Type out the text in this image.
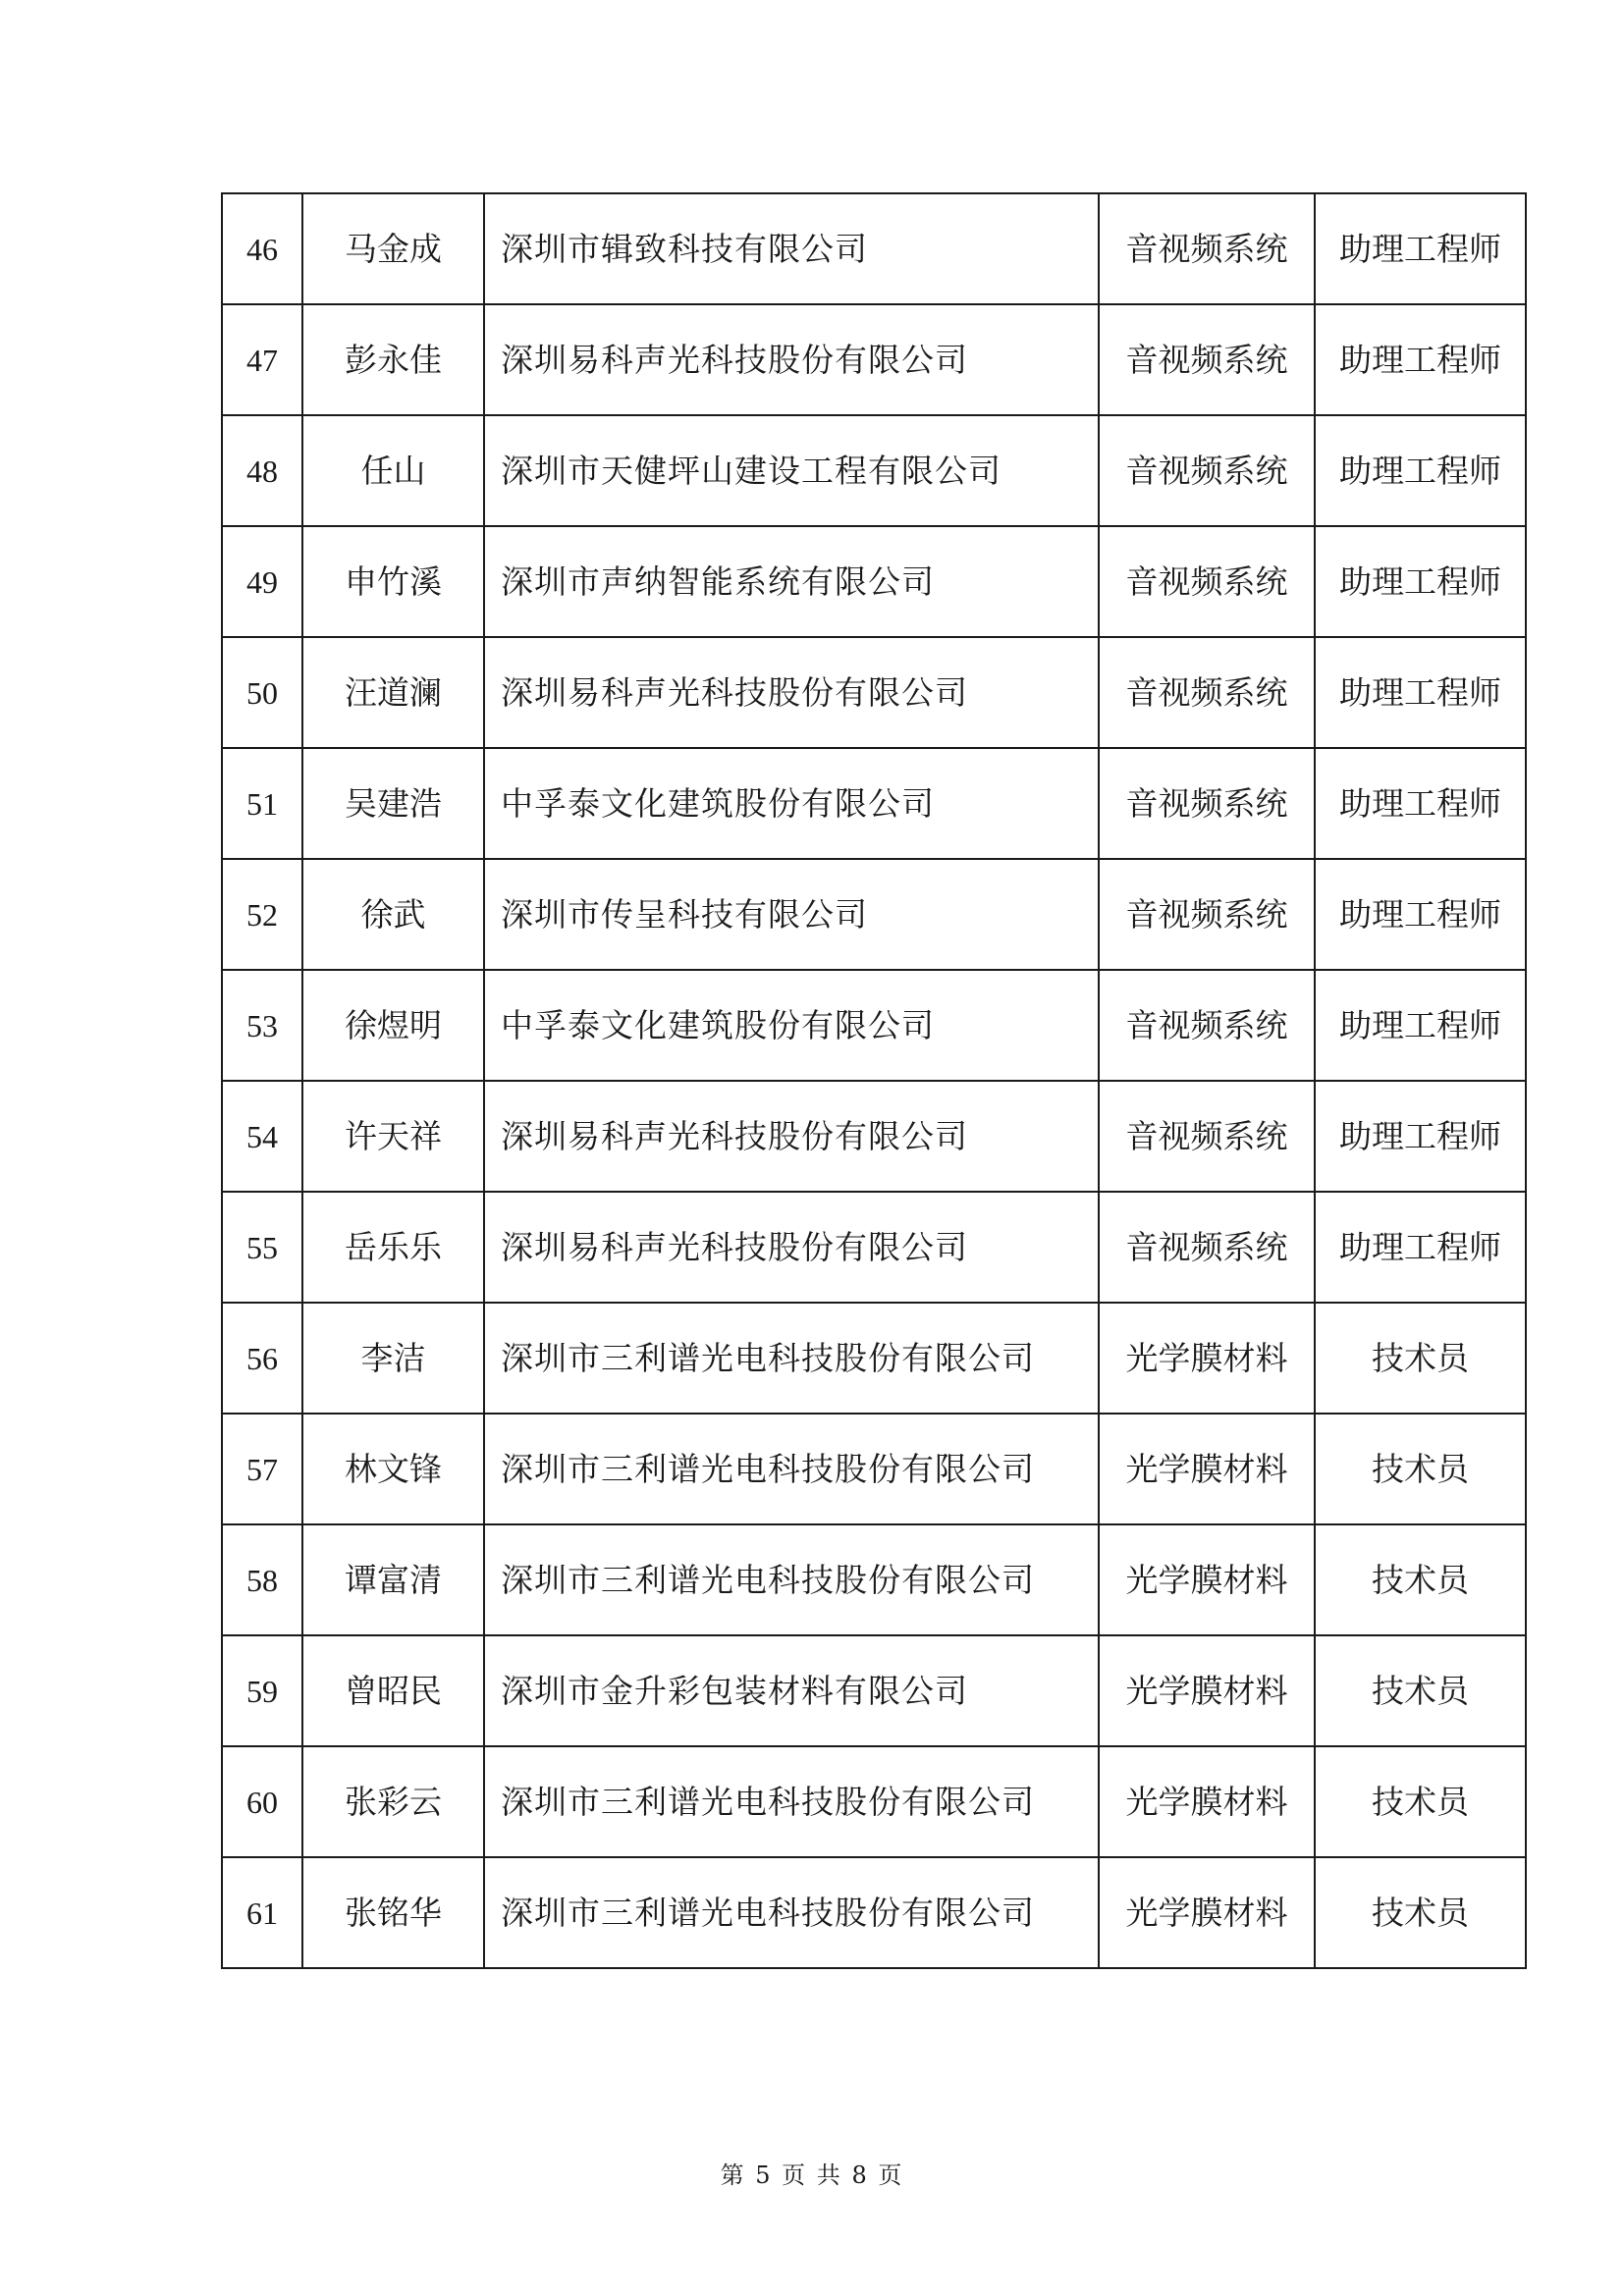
46	马金成	深圳市辑致科技有限公司	音视频系统	助理工程师
47	彭永佳	深圳易科声光科技股份有限公司	音视频系统	助理工程师
48	任山	深圳市天健坪山建设工程有限公司	音视频系统	助理工程师
49	申竹溪	深圳市声纳智能系统有限公司	音视频系统	助理工程师
50	汪道澜	深圳易科声光科技股份有限公司	音视频系统	助理工程师
51	吴建浩	中孚泰文化建筑股份有限公司	音视频系统	助理工程师
52	徐武	深圳市传呈科技有限公司	音视频系统	助理工程师
53	徐煜明	中孚泰文化建筑股份有限公司	音视频系统	助理工程师
54	许天祥	深圳易科声光科技股份有限公司	音视频系统	助理工程师
55	岳乐乐	深圳易科声光科技股份有限公司	音视频系统	助理工程师
56	李洁	深圳市三利谱光电科技股份有限公司	光学膜材料	技术员
57	林文锋	深圳市三利谱光电科技股份有限公司	光学膜材料	技术员
58	谭富清	深圳市三利谱光电科技股份有限公司	光学膜材料	技术员
59	曾昭民	深圳市金升彩包装材料有限公司	光学膜材料	技术员
60	张彩云	深圳市三利谱光电科技股份有限公司	光学膜材料	技术员
61	张铭华	深圳市三利谱光电科技股份有限公司	光学膜材料	技术员
第 5 页 共 8 页
